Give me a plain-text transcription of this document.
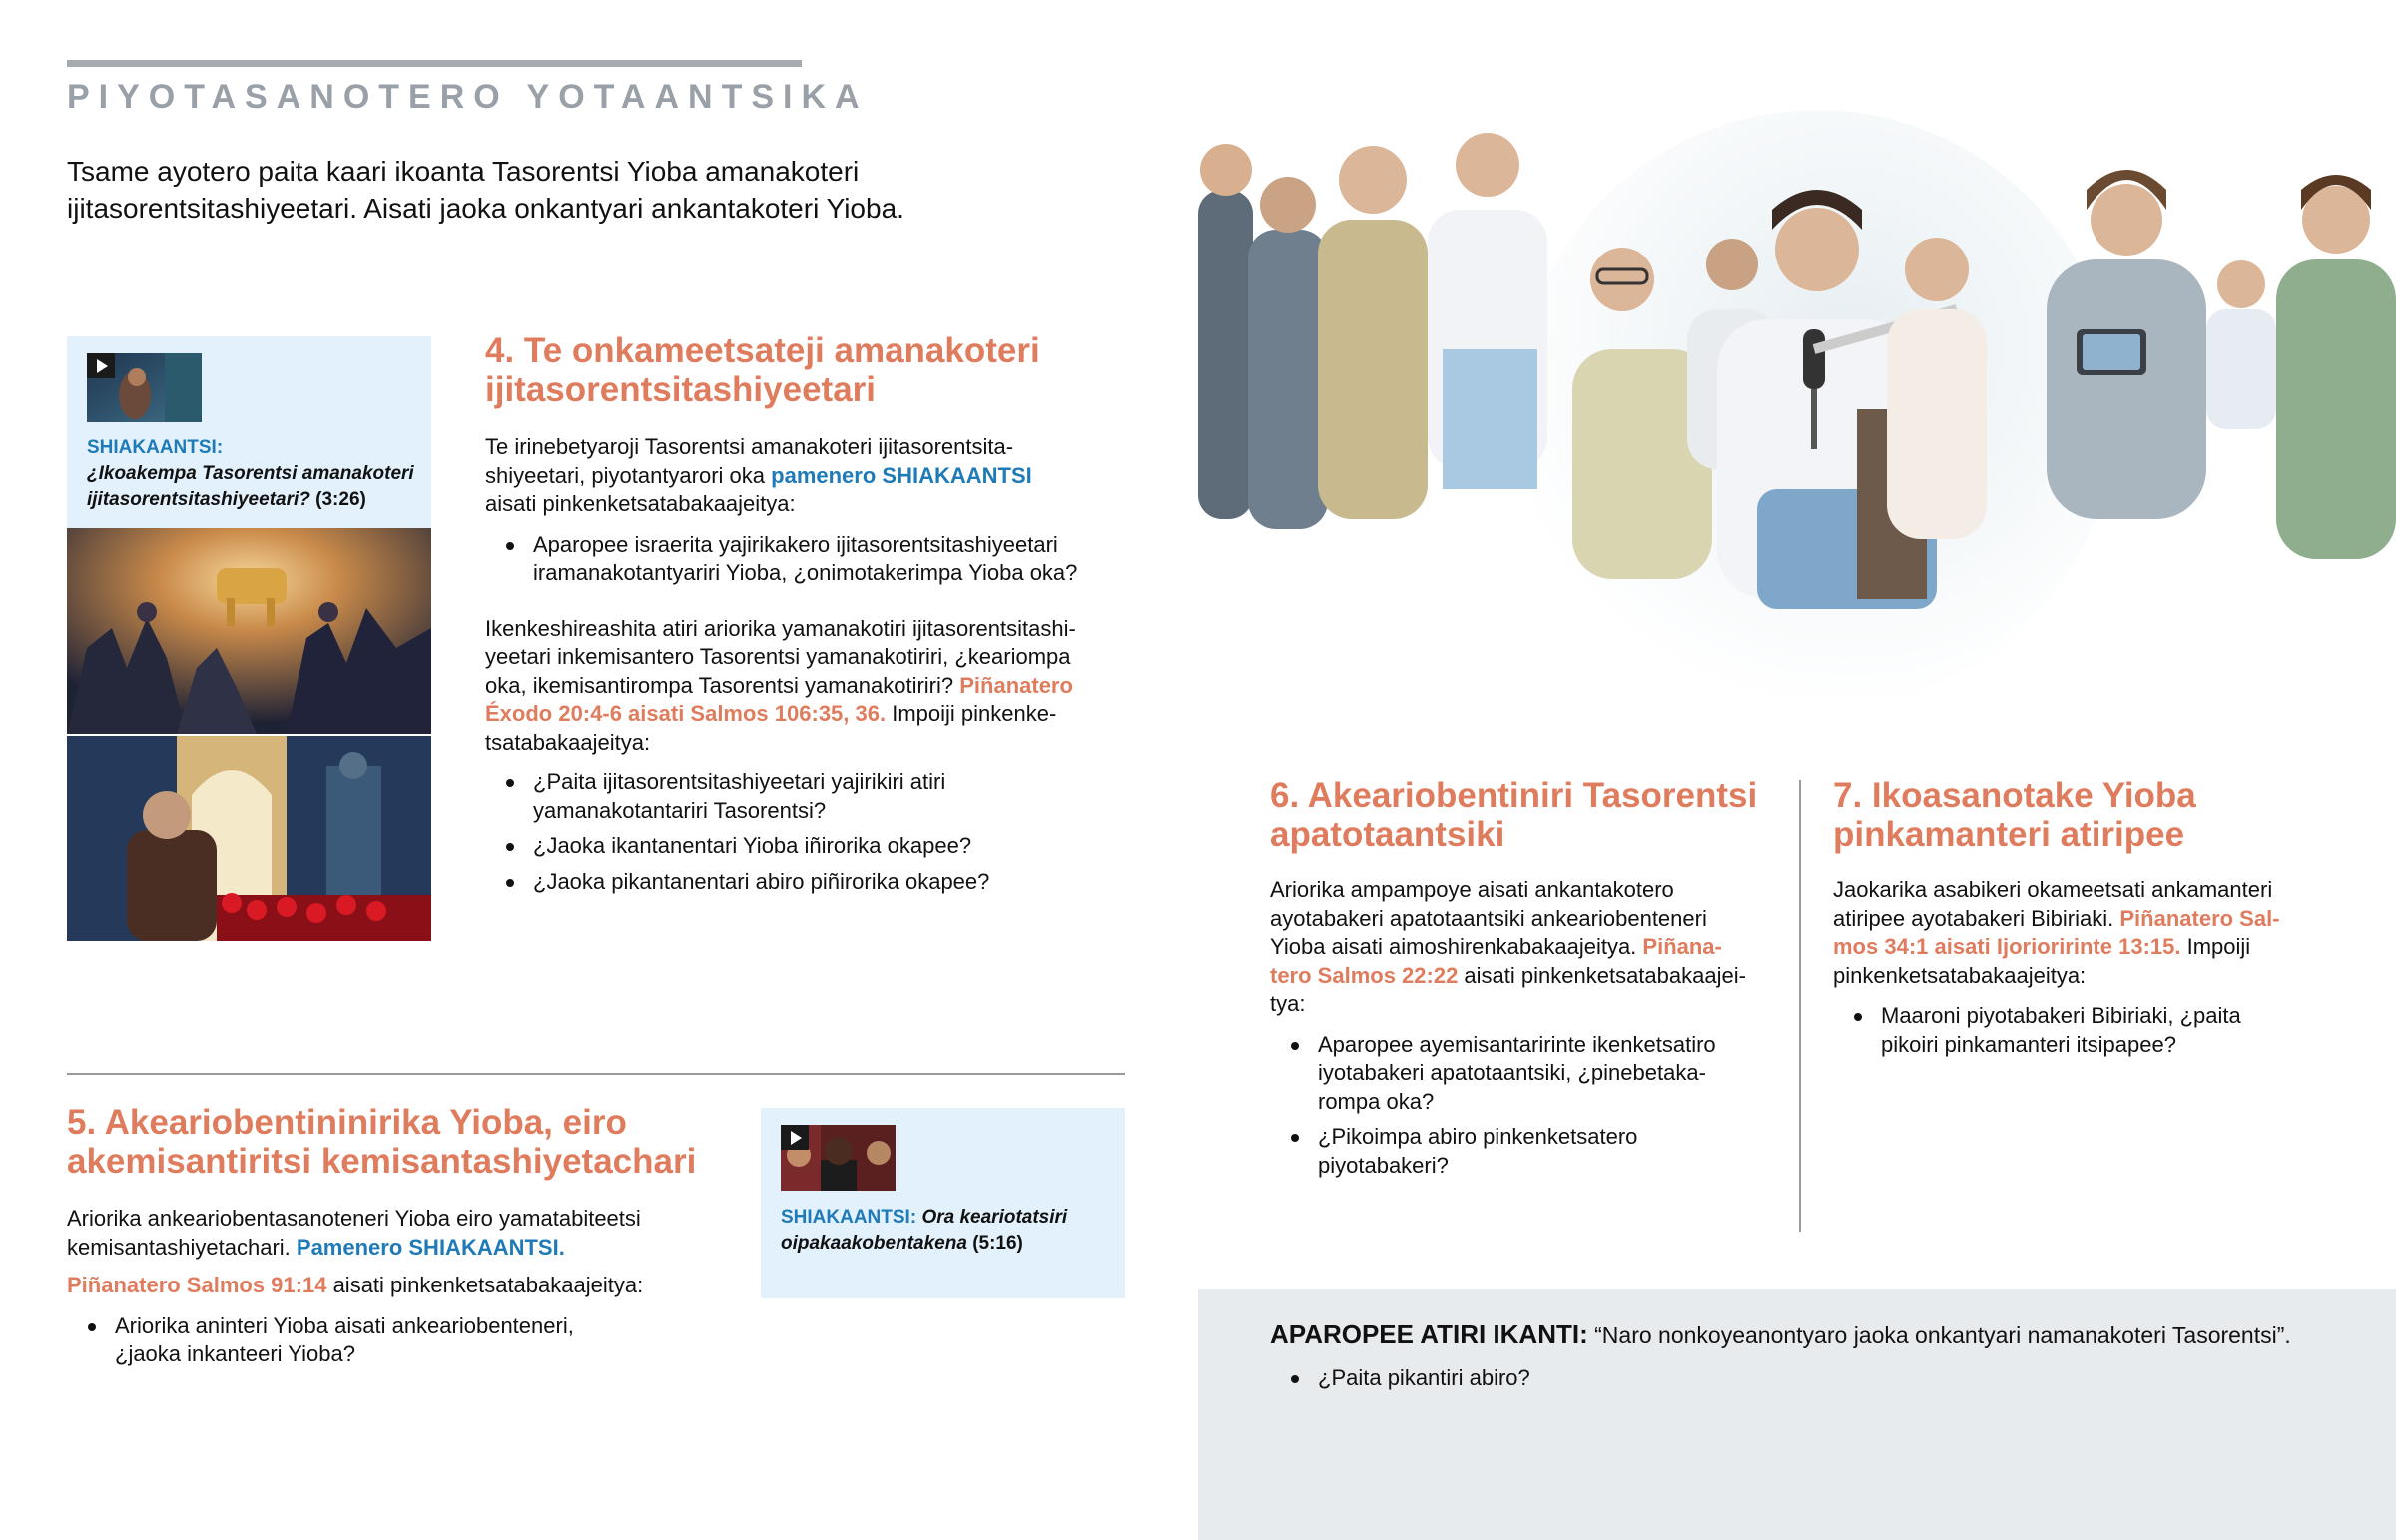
PIYOTASANOTERO YOTAANTSIKA
Tsame ayotero paita kaari ikoanta Tasorentsi Yioba amanakoteri
ijitasorentsitashiyeetari. Aisati jaoka onkantyari ankantakoteri Yioba.
SHIAKAANTSI:
¿Ikoakempa Tasorentsi amanakoteri
ijitasorentsitashiyeetari? (3:26)
4. Te onkameetsateji amanakoteri
ijitasorentsitashiyeetari
Te irinebetyaroji Tasorentsi amanakoteri ijitasorentsita-
shiyeetari, piyotantyarori oka pamenero SHIAKAANTSI
aisati pinkenketsatabakaajeitya:
Aparopee israerita yajirikakero ijitasorentsitashiyeetari
iramanakotantyariri Yioba, ¿onimotakerimpa Yioba oka?
Ikenkeshireashita atiri ariorika yamanakotiri ijitasorentsitashi-
yeetari inkemisantero Tasorentsi yamanakotiriri, ¿keariompa
oka, ikemisantirompa Tasorentsi yamanakotiriri? Piñanatero
Éxodo 20:4-6 aisati Salmos 106:35, 36. Impoiji pinkenke-
tsatabakaajeitya:
¿Paita ijitasorentsitashiyeetari yajirikiri atiri
yamanakotantariri Tasorentsi?
¿Jaoka ikantanentari Yioba iñirorika okapee?
¿Jaoka pikantanentari abiro piñirorika okapee?
5. Akeariobentininirika Yioba, eiro
akemisantiritsi kemisantashiyetachari
Ariorika ankeariobentasanoteneri Yioba eiro yamatabiteetsi
kemisantashiyetachari. Pamenero SHIAKAANTSI.
Piñanatero Salmos 91:14 aisati pinkenketsatabakaajeitya:
Ariorika aninteri Yioba aisati ankeariobenteneri,
¿jaoka inkanteeri Yioba?
SHIAKAANTSI: Ora keariotatsiri
oipakaakobentakena (5:16)
6. Akeariobentiniri Tasorentsi
apatotaantsiki
Ariorika ampampoye aisati ankantakotero
ayotabakeri apatotaantsiki ankeariobenteneri
Yioba aisati aimoshirenkabakaajeitya. Piñana-
tero Salmos 22:22 aisati pinkenketsatabakaajei-
tya:
Aparopee ayemisantaririnte ikenketsatiro
iyotabakeri apatotaantsiki, ¿pinebetaka-
rompa oka?
¿Pikoimpa abiro pinkenketsatero
piyotabakeri?
7. Ikoasanotake Yioba
pinkamanteri atiripee
Jaokarika asabikeri okameetsati ankamanteri
atiripee ayotabakeri Bibiriaki. Piñanatero Sal-
mos 34:1 aisati Ijorioririnte 13:15. Impoiji
pinkenketsatabakaajeitya:
Maaroni piyotabakeri Bibiriaki, ¿paita
pikoiri pinkamanteri itsipapee?
APAROPEE ATIRI IKANTI: “Naro nonkoyeanontyaro jaoka onkantyari namanakoteri Tasorentsi”.
¿Paita pikantiri abiro?
